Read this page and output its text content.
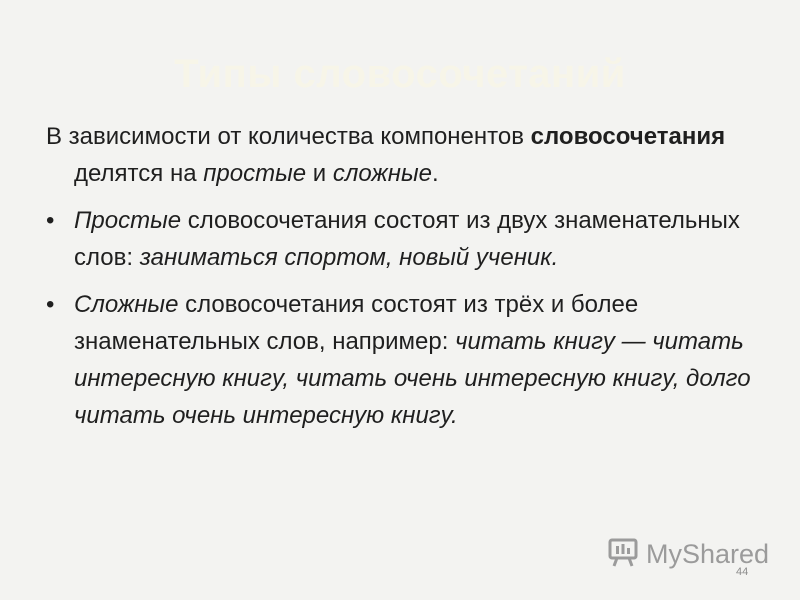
Типы словосочетаний

В зависимости от количества компонентов словосочетания делятся на простые и сложные.

• Простые словосочетания состоят из двух знаменательных слов: заниматься спортом, новый ученик.
• Сложные словосочетания состоят из трёх и более знаменательных слов, например: читать книгу — читать интересную книгу, читать очень интересную книгу, долго читать очень интересную книгу.
MyShared
44
